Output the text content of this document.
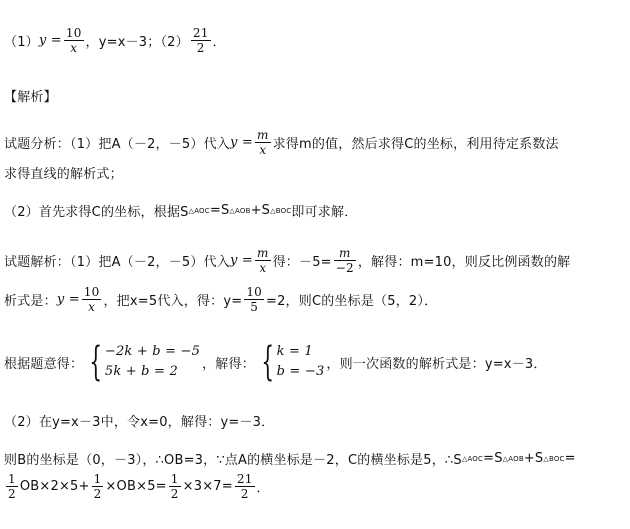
（1） $y = \frac{10}{x}$ ，y=x－3；$(2) \frac{21}{2}$ ．
【解析】
试题分析：（1）把A（－2，－5）代入 $y = \frac{m}{x}$ 求得m的值，然后求得C的坐标，利用待定系数法
求得直线的解析式；
（2）首先求得C的坐标，根据S △AOC =S △AOB +S △BOC 即可求解．
试题解析：（1）把A（－2，－5）代入 $y = \frac{m}{x}$ 得：$-5= \frac{m}{-2}$ ，解得：m=10，则反比例函数的解
析式是： $y = \frac{10}{x}$ ，把x=5代入，得：$y= \frac{10}{5} =2$，则C的坐标是（5，2）．
根据题意得： { −2k + b = −5
5k + b = 2	，解得： { k = 1
b = −3 ，则一次函数的解析式是：y=x－3．
（2）在y=x－3中，令x=0，解得：y=－3．
则B的坐标是（0，－3），∴OB=3，∵点A的横坐标是－2，C的横坐标是5，∴S △AOC =S △AOB +S △BOC =
$\frac{1}{2} OB\times 2\times 5+ \frac{1}{2} \times OB\times 5= \frac{1}{2} \times 3\times 7= \frac{21}{2}$ ．
